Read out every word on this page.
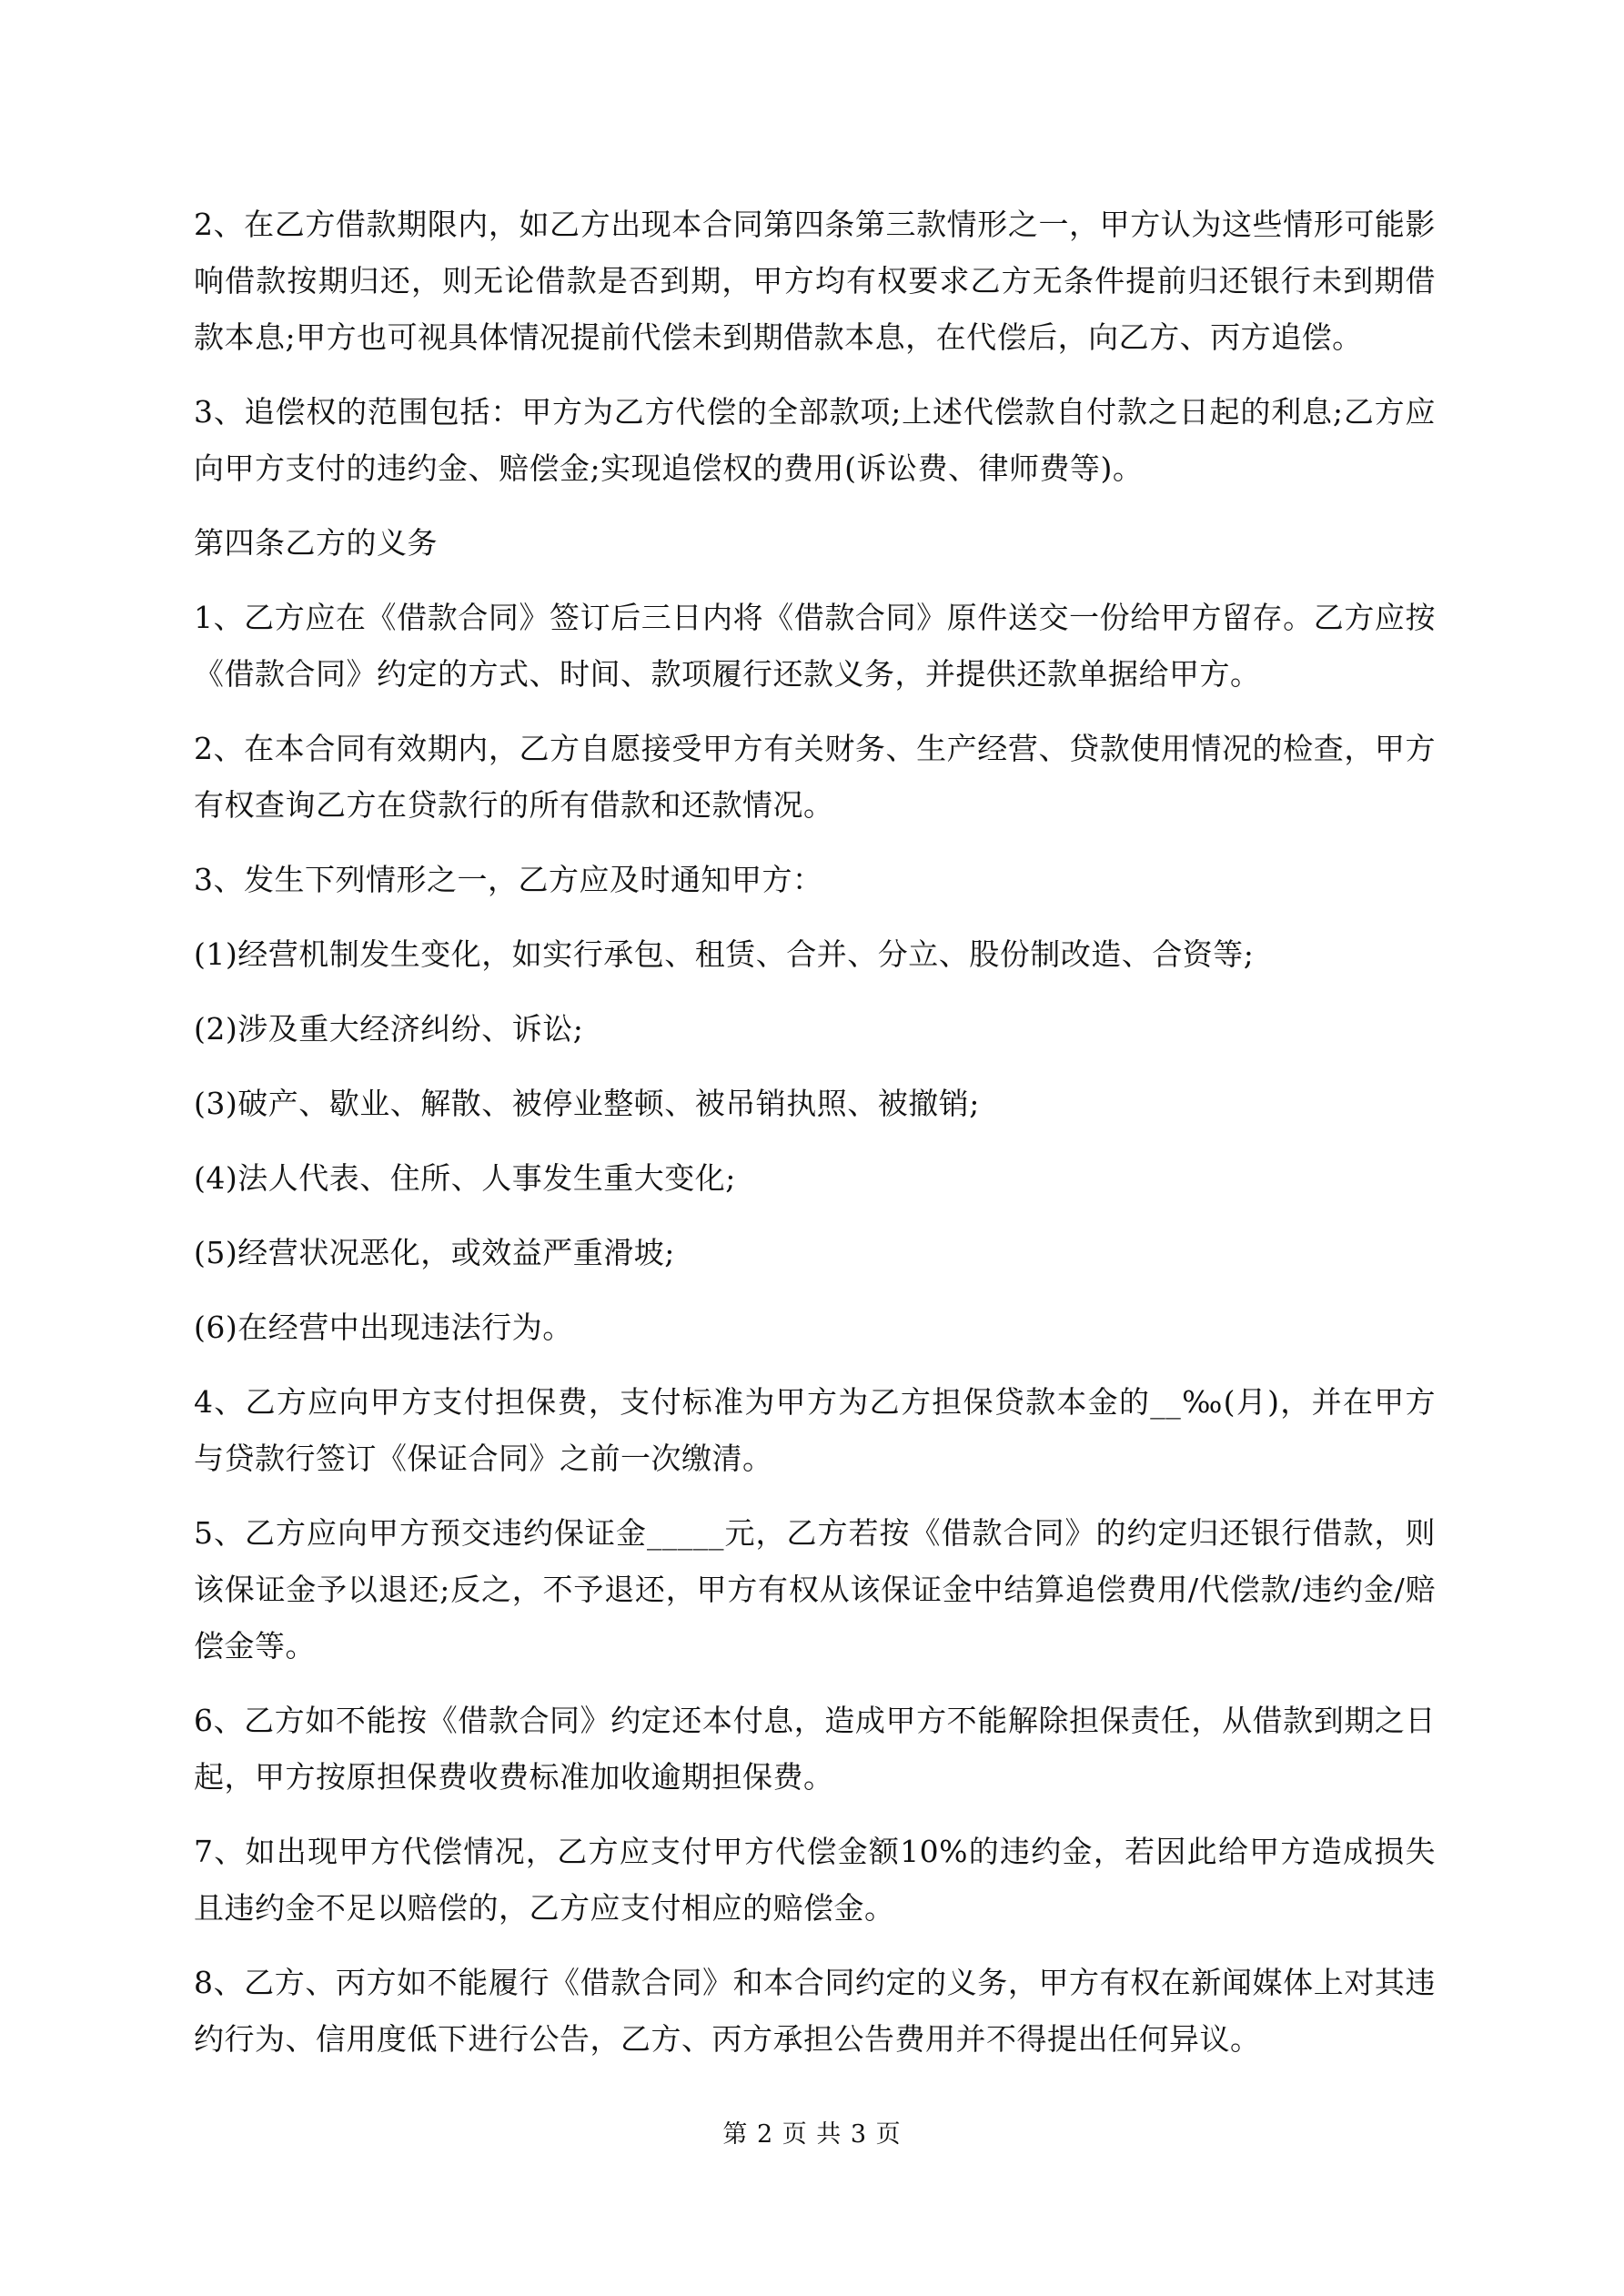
2、在乙方借款期限内，如乙方出现本合同第四条第三款情形之一，甲方认为这些情形可能影响借款按期归还，则无论借款是否到期，甲方均有权要求乙方无条件提前归还银行未到期借款本息;甲方也可视具体情况提前代偿未到期借款本息，在代偿后，向乙方、丙方追偿。

3、追偿权的范围包括：甲方为乙方代偿的全部款项;上述代偿款自付款之日起的利息;乙方应向甲方支付的违约金、赔偿金;实现追偿权的费用(诉讼费、律师费等)。

第四条乙方的义务

1、乙方应在《借款合同》签订后三日内将《借款合同》原件送交一份给甲方留存。乙方应按《借款合同》约定的方式、时间、款项履行还款义务，并提供还款单据给甲方。

2、在本合同有效期内，乙方自愿接受甲方有关财务、生产经营、贷款使用情况的检查，甲方有权查询乙方在贷款行的所有借款和还款情况。

3、发生下列情形之一，乙方应及时通知甲方：

(1)经营机制发生变化，如实行承包、租赁、合并、分立、股份制改造、合资等;

(2)涉及重大经济纠纷、诉讼;

(3)破产、歇业、解散、被停业整顿、被吊销执照、被撤销;

(4)法人代表、住所、人事发生重大变化;

(5)经营状况恶化，或效益严重滑坡;

(6)在经营中出现违法行为。

4、乙方应向甲方支付担保费，支付标准为甲方为乙方担保贷款本金的__‰(月)，并在甲方与贷款行签订《保证合同》之前一次缴清。

5、乙方应向甲方预交违约保证金_____元，乙方若按《借款合同》的约定归还银行借款，则该保证金予以退还;反之，不予退还，甲方有权从该保证金中结算追偿费用/代偿款/违约金/赔偿金等。

6、乙方如不能按《借款合同》约定还本付息，造成甲方不能解除担保责任，从借款到期之日起，甲方按原担保费收费标准加收逾期担保费。

7、如出现甲方代偿情况，乙方应支付甲方代偿金额10%的违约金，若因此给甲方造成损失且违约金不足以赔偿的，乙方应支付相应的赔偿金。

8、乙方、丙方如不能履行《借款合同》和本合同约定的义务，甲方有权在新闻媒体上对其违约行为、信用度低下进行公告，乙方、丙方承担公告费用并不得提出任何异议。

第 2 页 共 3 页
